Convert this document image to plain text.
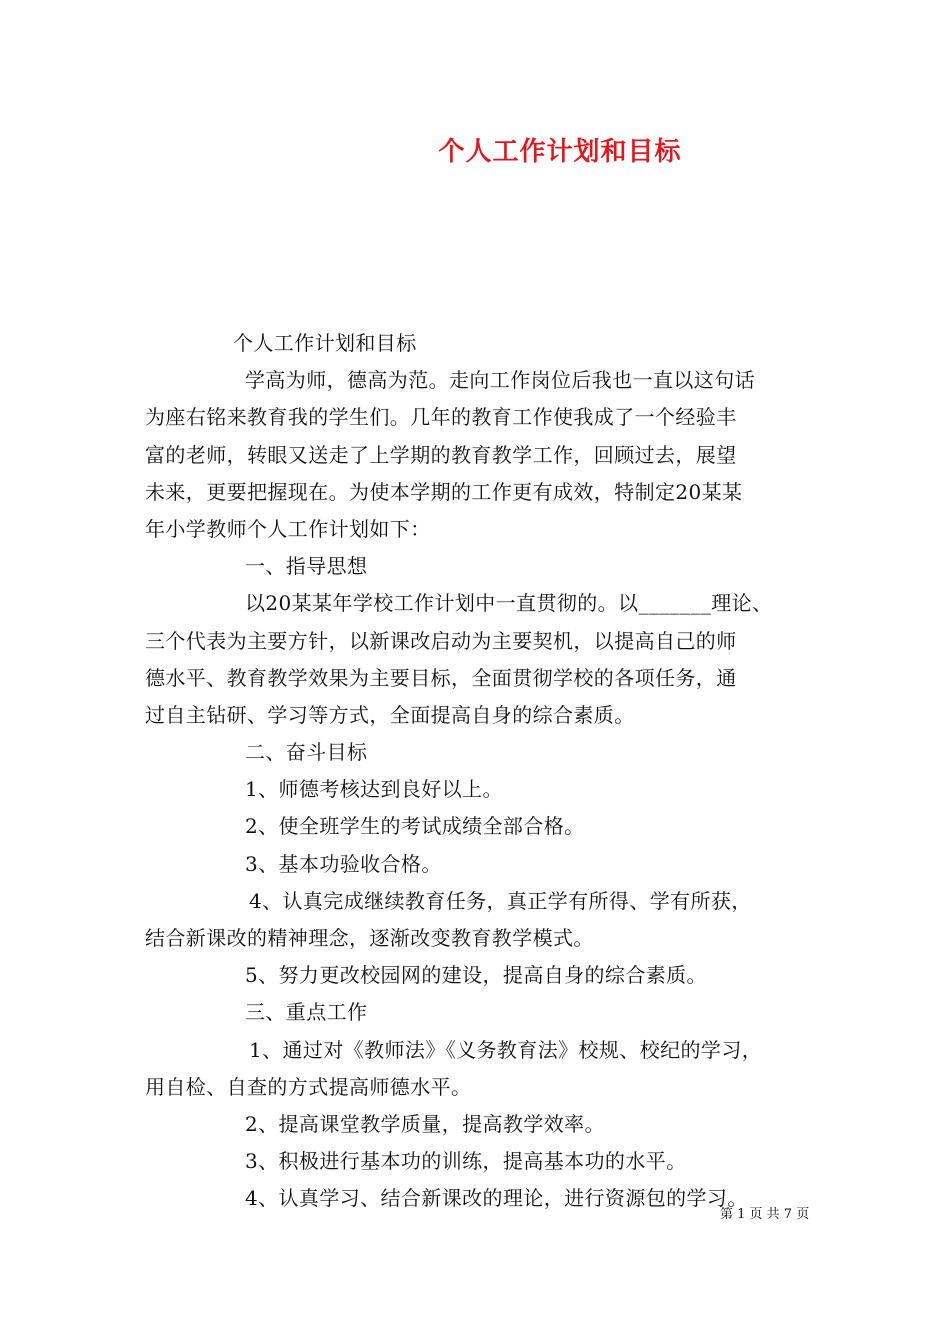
个人工作计划和目标
个人工作计划和目标
学高为师，德高为范。走向工作岗位后我也一直以这句话
为座右铭来教育我的学生们。几年的教育工作使我成了一个经验丰
富的老师，转眼又送走了上学期的教育教学工作，回顾过去，展望
未来，更要把握现在。为使本学期的工作更有成效，特制定20某某
年小学教师个人工作计划如下：
一、指导思想
以20某某年学校工作计划中一直贯彻的。以_______理论、
三个代表为主要方针，以新课改启动为主要契机，以提高自己的师
德水平、教育教学效果为主要目标，全面贯彻学校的各项任务，通
过自主钻研、学习等方式，全面提高自身的综合素质。
二、奋斗目标
1、师德考核达到良好以上。
2、使全班学生的考试成绩全部合格。
3、基本功验收合格。
4、认真完成继续教育任务，真正学有所得、学有所获，
结合新课改的精神理念，逐渐改变教育教学模式。
5、努力更改校园网的建设，提高自身的综合素质。
三、重点工作
1、通过对《教师法》《义务教育法》校规、校纪的学习，
用自检、自查的方式提高师德水平。
2、提高课堂教学质量，提高教学效率。
3、积极进行基本功的训练，提高基本功的水平。
4、认真学习、结合新课改的理论，进行资源包的学习。
第 1 页 共 7 页
